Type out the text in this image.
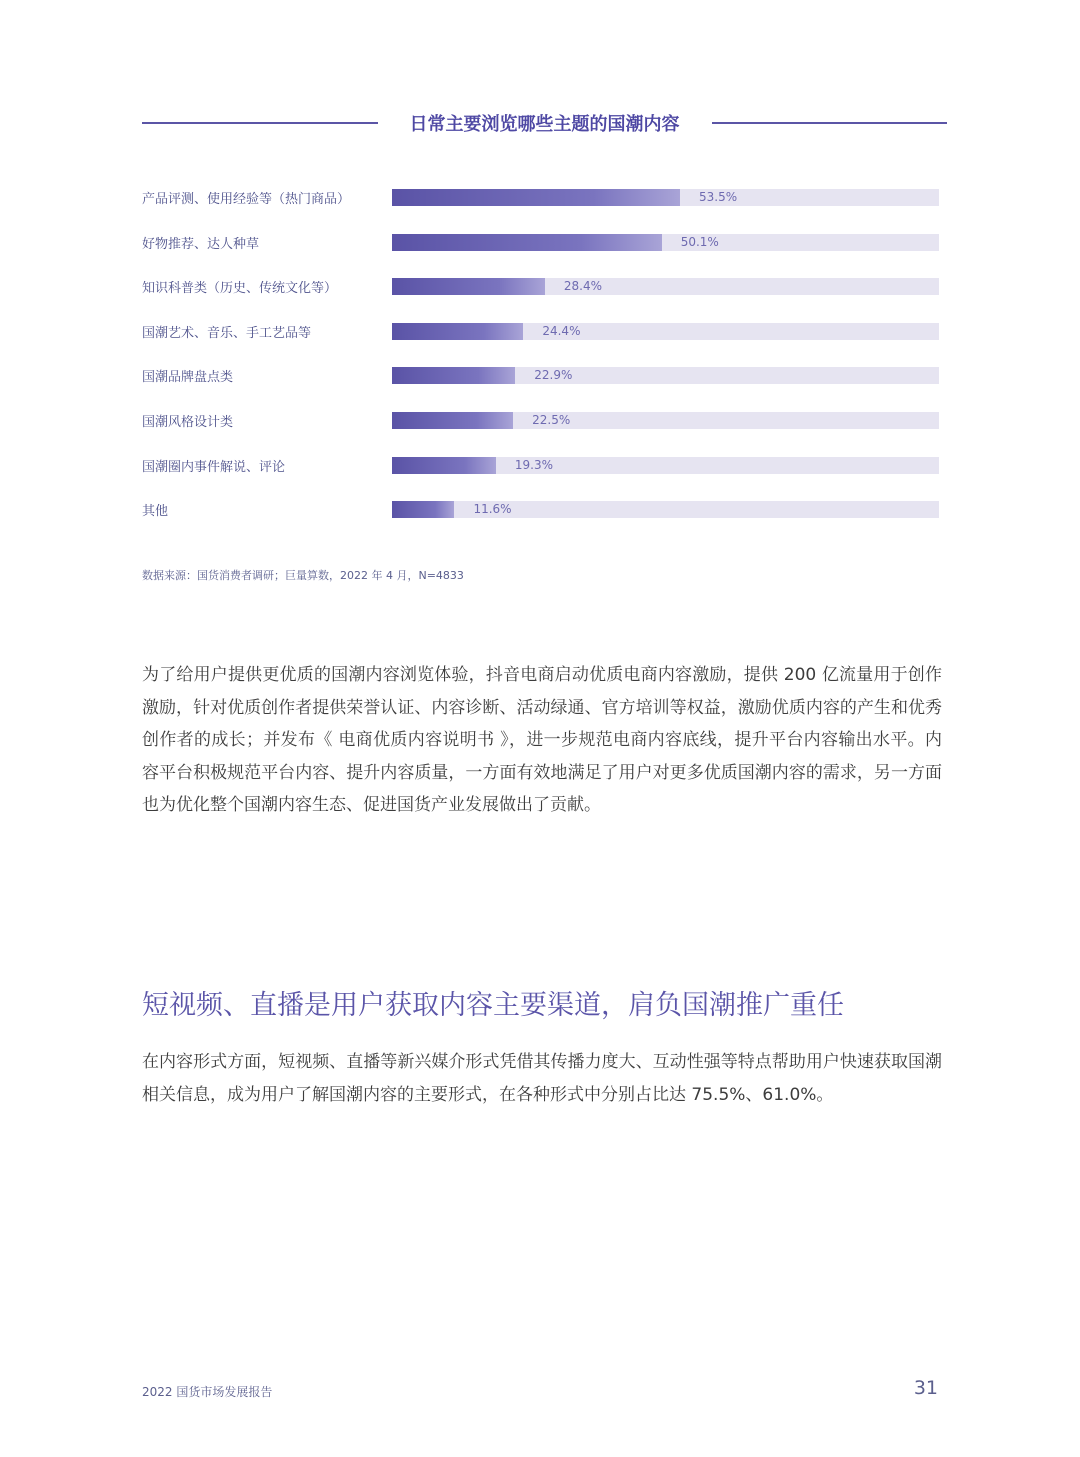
日常主要浏览哪些主题的国潮内容
产品评测、使用经验等（热门商品）	53.5%
好物推荐、达人种草	50.1%
知识科普类（历史、传统文化等）	28.4%
国潮艺术、音乐、手工艺品等	24.4%
国潮品牌盘点类	22.9%
国潮风格设计类	22.5%
国潮圈内事件解说、评论	19.3%
其他	11.6%
数据来源：国货消费者调研；巨量算数，2022 年 4 月，N=4833
为了给用户提供更优质的国潮内容浏览体验，抖音电商启动优质电商内容激励，提供 200 亿流量用于创作激励，针对优质创作者提供荣誉认证、内容诊断、活动绿通、官方培训等权益，激励优质内容的产生和优秀创作者的成长；并发布《 电商优质内容说明书 》，进一步规范电商内容底线，提升平台内容输出水平。内容平台积极规范平台内容、提升内容质量，一方面有效地满足了用户对更多优质国潮内容的需求，另一方面也为优化整个国潮内容生态、促进国货产业发展做出了贡献。
短视频、直播是用户获取内容主要渠道，肩负国潮推广重任
在内容形式方面，短视频、直播等新兴媒介形式凭借其传播力度大、互动性强等特点帮助用户快速获取国潮相关信息，成为用户了解国潮内容的主要形式，在各种形式中分别占比达 75.5%、61.0%。
2022 国货市场发展报告	31
